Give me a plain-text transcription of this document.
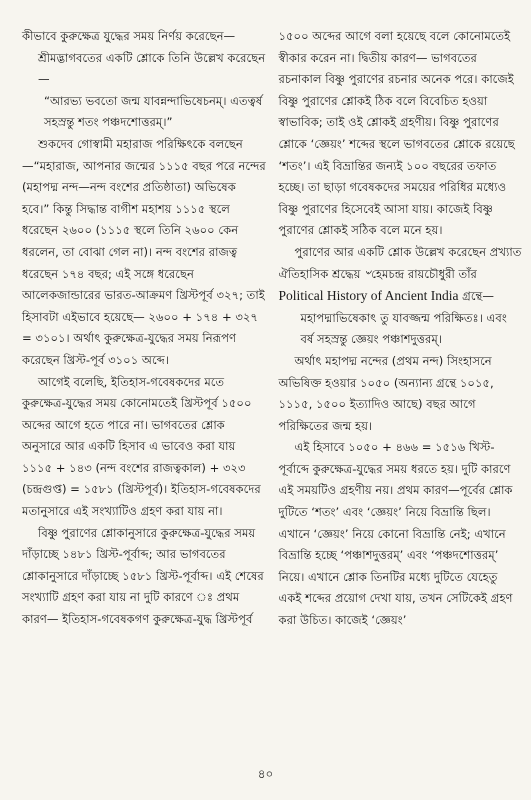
কীভাবে কুরুক্ষেত্র যুদ্ধের সময় নির্ণয় করেছেন—

শ্রীমদ্ভাগবতের একটি শ্লোকে তিনি উল্লেখ করেছেন—

“আরভ্য ভবতো জন্ম যাবন্নন্দাভিষেচনম্‌। এতত্বর্ষ সহস্রন্তু শতং পঞ্চদশোত্তরম্‌।”

শুকদেব গোস্বামী মহারাজ পরিক্ষিৎকে বলছেন—“মহারাজ, আপনার জন্মের ১১১৫ বছর পরে নন্দের (মহাপদ্ম নন্দ—নন্দ বংশের প্রতিষ্ঠাতা) অভিষেক হবে।” কিন্তু সিদ্ধান্ত বাগীশ মহাশয় ১১১৫ স্থলে ধরেছেন ২৬০০ (১১১৫ স্থলে তিনি ২৬০০ কেন ধরলেন, তা বোঝা গেল না)। নন্দ বংশের রাজত্ব ধরেছেন ১৭৪ বছর; এই সঙ্গে ধরেছেন আলেকজান্ডারের ভারত-আক্রমণ খ্রিস্টপূর্ব ৩২৭; তাই হিসাবটা এইভাবে হয়েছে— ২৬০০ + ১৭৪ + ৩২৭ = ৩১০১। অর্থাৎ কুরুক্ষেত্র-যুদ্ধের সময় নিরূপণ করেছেন খ্রিস্ট-পূর্ব ৩১০১ অব্দে।

আগেই বলেছি, ইতিহাস-গবেষকদের মতে কুরুক্ষেত্র-যুদ্ধের সময় কোনোমতেই খ্রিস্টপূর্ব ১৫০০ অব্দের আগে হতে পারে না। ভাগবতের শ্লোক অনুসারে আর একটি হিসাব এ ভাবেও করা যায় ১১১৫ + ১৪৩ (নন্দ বংশের রাজত্বকাল) + ৩২৩ (চন্দ্রগুপ্ত) = ১৫৮১ (খ্রিস্টপূর্ব)। ইতিহাস-গবেষকদের মতানুসারে এই সংখ্যাটিও গ্রহণ করা যায় না।

বিষ্ণু পুরাণের শ্লোকানুসারে কুরুক্ষেত্র-যুদ্ধের সময় দাঁড়াচ্ছে ১৪৮১ খ্রিস্ট-পূর্বাব্দ; আর ভাগবতের শ্লোকানুসারে দাঁড়াচ্ছে ১৫৮১ খ্রিস্ট-পূর্বাব্দ। এই শেষের সংখ্যাটি গ্রহণ করা যায় না দুটি কারণে ঃ প্রথম কারণ— ইতিহাস-গবেষকগণ কুরুক্ষেত্র-যুদ্ধ খ্রিস্টপূর্ব

১৫০০ অব্দের আগে বলা হয়েছে বলে কোনোমতেই স্বীকার করেন না। দ্বিতীয় কারণ— ভাগবতের রচনাকাল বিষ্ণু পুরাণের রচনার অনেক পরে। কাজেই বিষ্ণু পুরাণের শ্লোকই ঠিক বলে বিবেচিত হওয়া স্বাভাবিক; তাই ওই শ্লোকই গ্রহণীয়। বিষ্ণু পুরাণের শ্লোকে ‘জ্ঞেয়ং’ শব্দের স্থলে ভাগবতের শ্লোকে রয়েছে ‘শতং’। এই বিভ্রান্তির জন্যই ১০০ বছরের তফাত হচ্ছে। তা ছাড়া গবেষকদের সময়ের পরিধির মধ্যেও বিষ্ণু পুরাণের হিসেবেই আসা যায়। কাজেই বিষ্ণু পুরাণের শ্লোকই সঠিক বলে মনে হয়।

পুরাণের আর একটি শ্লোক উল্লেখ করেছেন প্রখ্যাত ঐতিহাসিক শ্রদ্ধেয় ৺হেমচন্দ্র রায়চৌধুরী তাঁর Political History of Ancient India গ্রন্থে—

মহাপদ্মাভিষেকাৎ তু যাবজ্জন্ম পরিক্ষিতঃ। এবং বর্ষ সহস্রন্তু জ্ঞেয়ং পঞ্চাশদুত্তরম্‌।

অর্থাৎ মহাপদ্ম নন্দের (প্রথম নন্দ) সিংহাসনে অভিষিক্ত হওয়ার ১০৫০ (অন্যান্য গ্রন্থে ১০১৫, ১১১৫, ১৫০০ ইত্যাদিও আছে) বছর আগে পরিক্ষিতের জন্ম হয়।

এই হিসাবে ১০৫০ + ৪৬৬ = ১৫১৬ খিস্ট-পূর্বাব্দে কুরুক্ষেত্র-যুদ্ধের সময় ধরতে হয়। দুটি কারণে এই সময়টিও গ্রহণীয় নয়। প্রথম কারণ—পূর্বের শ্লোক দুটিতে ‘শতং’ এবং ‘জ্ঞেয়ং’ নিয়ে বিভ্রান্তি ছিল। এখানে ‘জ্ঞেয়ং’ নিয়ে কোনো বিভ্রান্তি নেই; এখানে বিভ্রান্তি হচ্ছে ‘পঞ্চাশদুত্তরম্‌’ এবং ‘পঞ্চদশোত্তরম্‌’ নিয়ে। এখানে শ্লোক তিনটির মধ্যে দুটিতে যেহেতু একই শব্দের প্রয়োগ দেখা যায়, তখন সেটিকেই গ্রহণ করা উচিত। কাজেই ‘জ্ঞেয়ং’

৪০
